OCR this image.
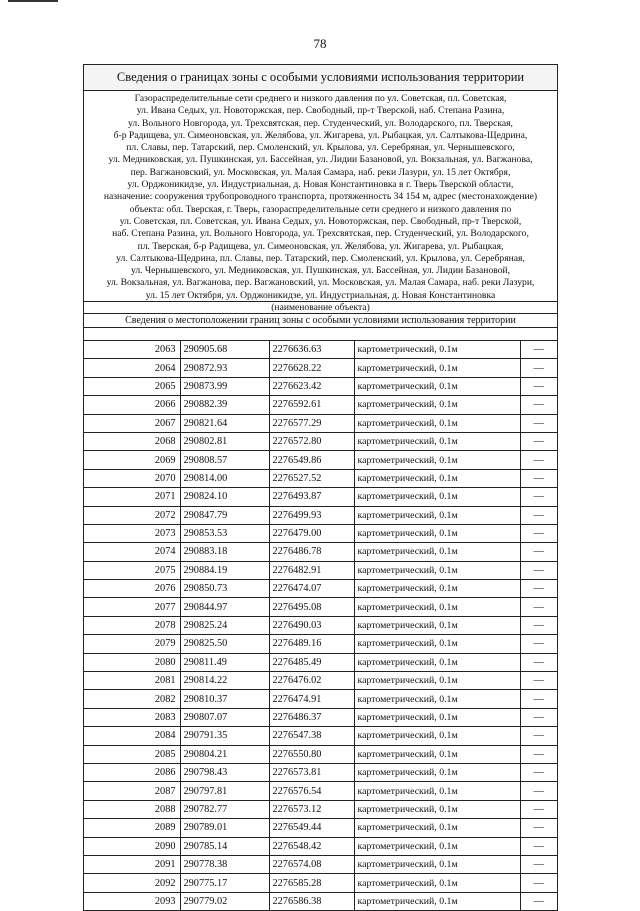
78
Сведения о границах зоны с особыми условиями использования территории
Газораспределительные сети среднего и низкого давления по ул. Советская, пл. Советская,
ул. Ивана Седых, ул. Новоторжская, пер. Свободный, пр-т Тверской, наб. Степана Разина,
ул. Вольного Новгорода, ул. Трехсвятская, пер. Студенческий, ул. Володарского, пл. Тверская,
б-р Радищева, ул. Симеоновская, ул. Желябова, ул. Жигарева, ул. Рыбацкая, ул. Салтыкова-Щедрина,
пл. Славы, пер. Татарский, пер. Смоленский, ул. Крылова, ул. Серебряная, ул. Чернышевского,
ул. Медниковская, ул. Пушкинская, ул. Бассейная, ул. Лидии Базановой, ул. Вокзальная, ул. Вагжанова,
пер. Вагжановский, ул. Московская, ул. Малая Самара, наб. реки Лазури, ул. 15 лет Октября,
ул. Орджоникидзе, ул. Индустриальная, д. Новая Константиновка в г. Тверь Тверской области,
назначение: сооружения трубопроводного транспорта, протяженность 34 154 м, адрес (местонахождение)
объекта: обл. Тверская, г. Тверь, газораспределительные сети среднего и низкого давления по
ул. Советская, пл. Советская, ул. Ивана Седых, ул. Новоторжская, пер. Свободный, пр-т Тверской,
наб. Степана Разина, ул. Вольного Новгорода, ул. Трехсвятская, пер. Студенческий, ул. Володарского,
пл. Тверская, б-р Радищева, ул. Симеоновская, ул. Желябова, ул. Жигарева, ул. Рыбацкая,
ул. Салтыкова-Щедрина, пл. Славы, пер. Татарский, пер. Смоленский, ул. Крылова, ул. Серебряная,
ул. Чернышевского, ул. Медниковская, ул. Пушкинская, ул. Бассейная, ул. Лидии Базановой,
ул. Вокзальная, ул. Вагжанова, пер. Вагжановский, ул. Московская, ул. Малая Самара, наб. реки Лазури,
ул. 15 лет Октября, ул. Орджоникидзе, ул. Индустриальная, д. Новая Константиновка
(наименование объекта)
Сведения о местоположении границ зоны с особыми условиями использования территории
2063	290905.68	2276636.63	картометрический, 0.1м	—
2064	290872.93	2276628.22	картометрический, 0.1м	—
2065	290873.99	2276623.42	картометрический, 0.1м	—
2066	290882.39	2276592.61	картометрический, 0.1м	—
2067	290821.64	2276577.29	картометрический, 0.1м	—
2068	290802.81	2276572.80	картометрический, 0.1м	—
2069	290808.57	2276549.86	картометрический, 0.1м	—
2070	290814.00	2276527.52	картометрический, 0.1м	—
2071	290824.10	2276493.87	картометрический, 0.1м	—
2072	290847.79	2276499.93	картометрический, 0.1м	—
2073	290853.53	2276479.00	картометрический, 0.1м	—
2074	290883.18	2276486.78	картометрический, 0.1м	—
2075	290884.19	2276482.91	картометрический, 0.1м	—
2076	290850.73	2276474.07	картометрический, 0.1м	—
2077	290844.97	2276495.08	картометрический, 0.1м	—
2078	290825.24	2276490.03	картометрический, 0.1м	—
2079	290825.50	2276489.16	картометрический, 0.1м	—
2080	290811.49	2276485.49	картометрический, 0.1м	—
2081	290814.22	2276476.02	картометрический, 0.1м	—
2082	290810.37	2276474.91	картометрический, 0.1м	—
2083	290807.07	2276486.37	картометрический, 0.1м	—
2084	290791.35	2276547.38	картометрический, 0.1м	—
2085	290804.21	2276550.80	картометрический, 0.1м	—
2086	290798.43	2276573.81	картометрический, 0.1м	—
2087	290797.81	2276576.54	картометрический, 0.1м	—
2088	290782.77	2276573.12	картометрический, 0.1м	—
2089	290789.01	2276549.44	картометрический, 0.1м	—
2090	290785.14	2276548.42	картометрический, 0.1м	—
2091	290778.38	2276574.08	картометрический, 0.1м	—
2092	290775.17	2276585.28	картометрический, 0.1м	—
2093	290779.02	2276586.38	картометрический, 0.1м	—
